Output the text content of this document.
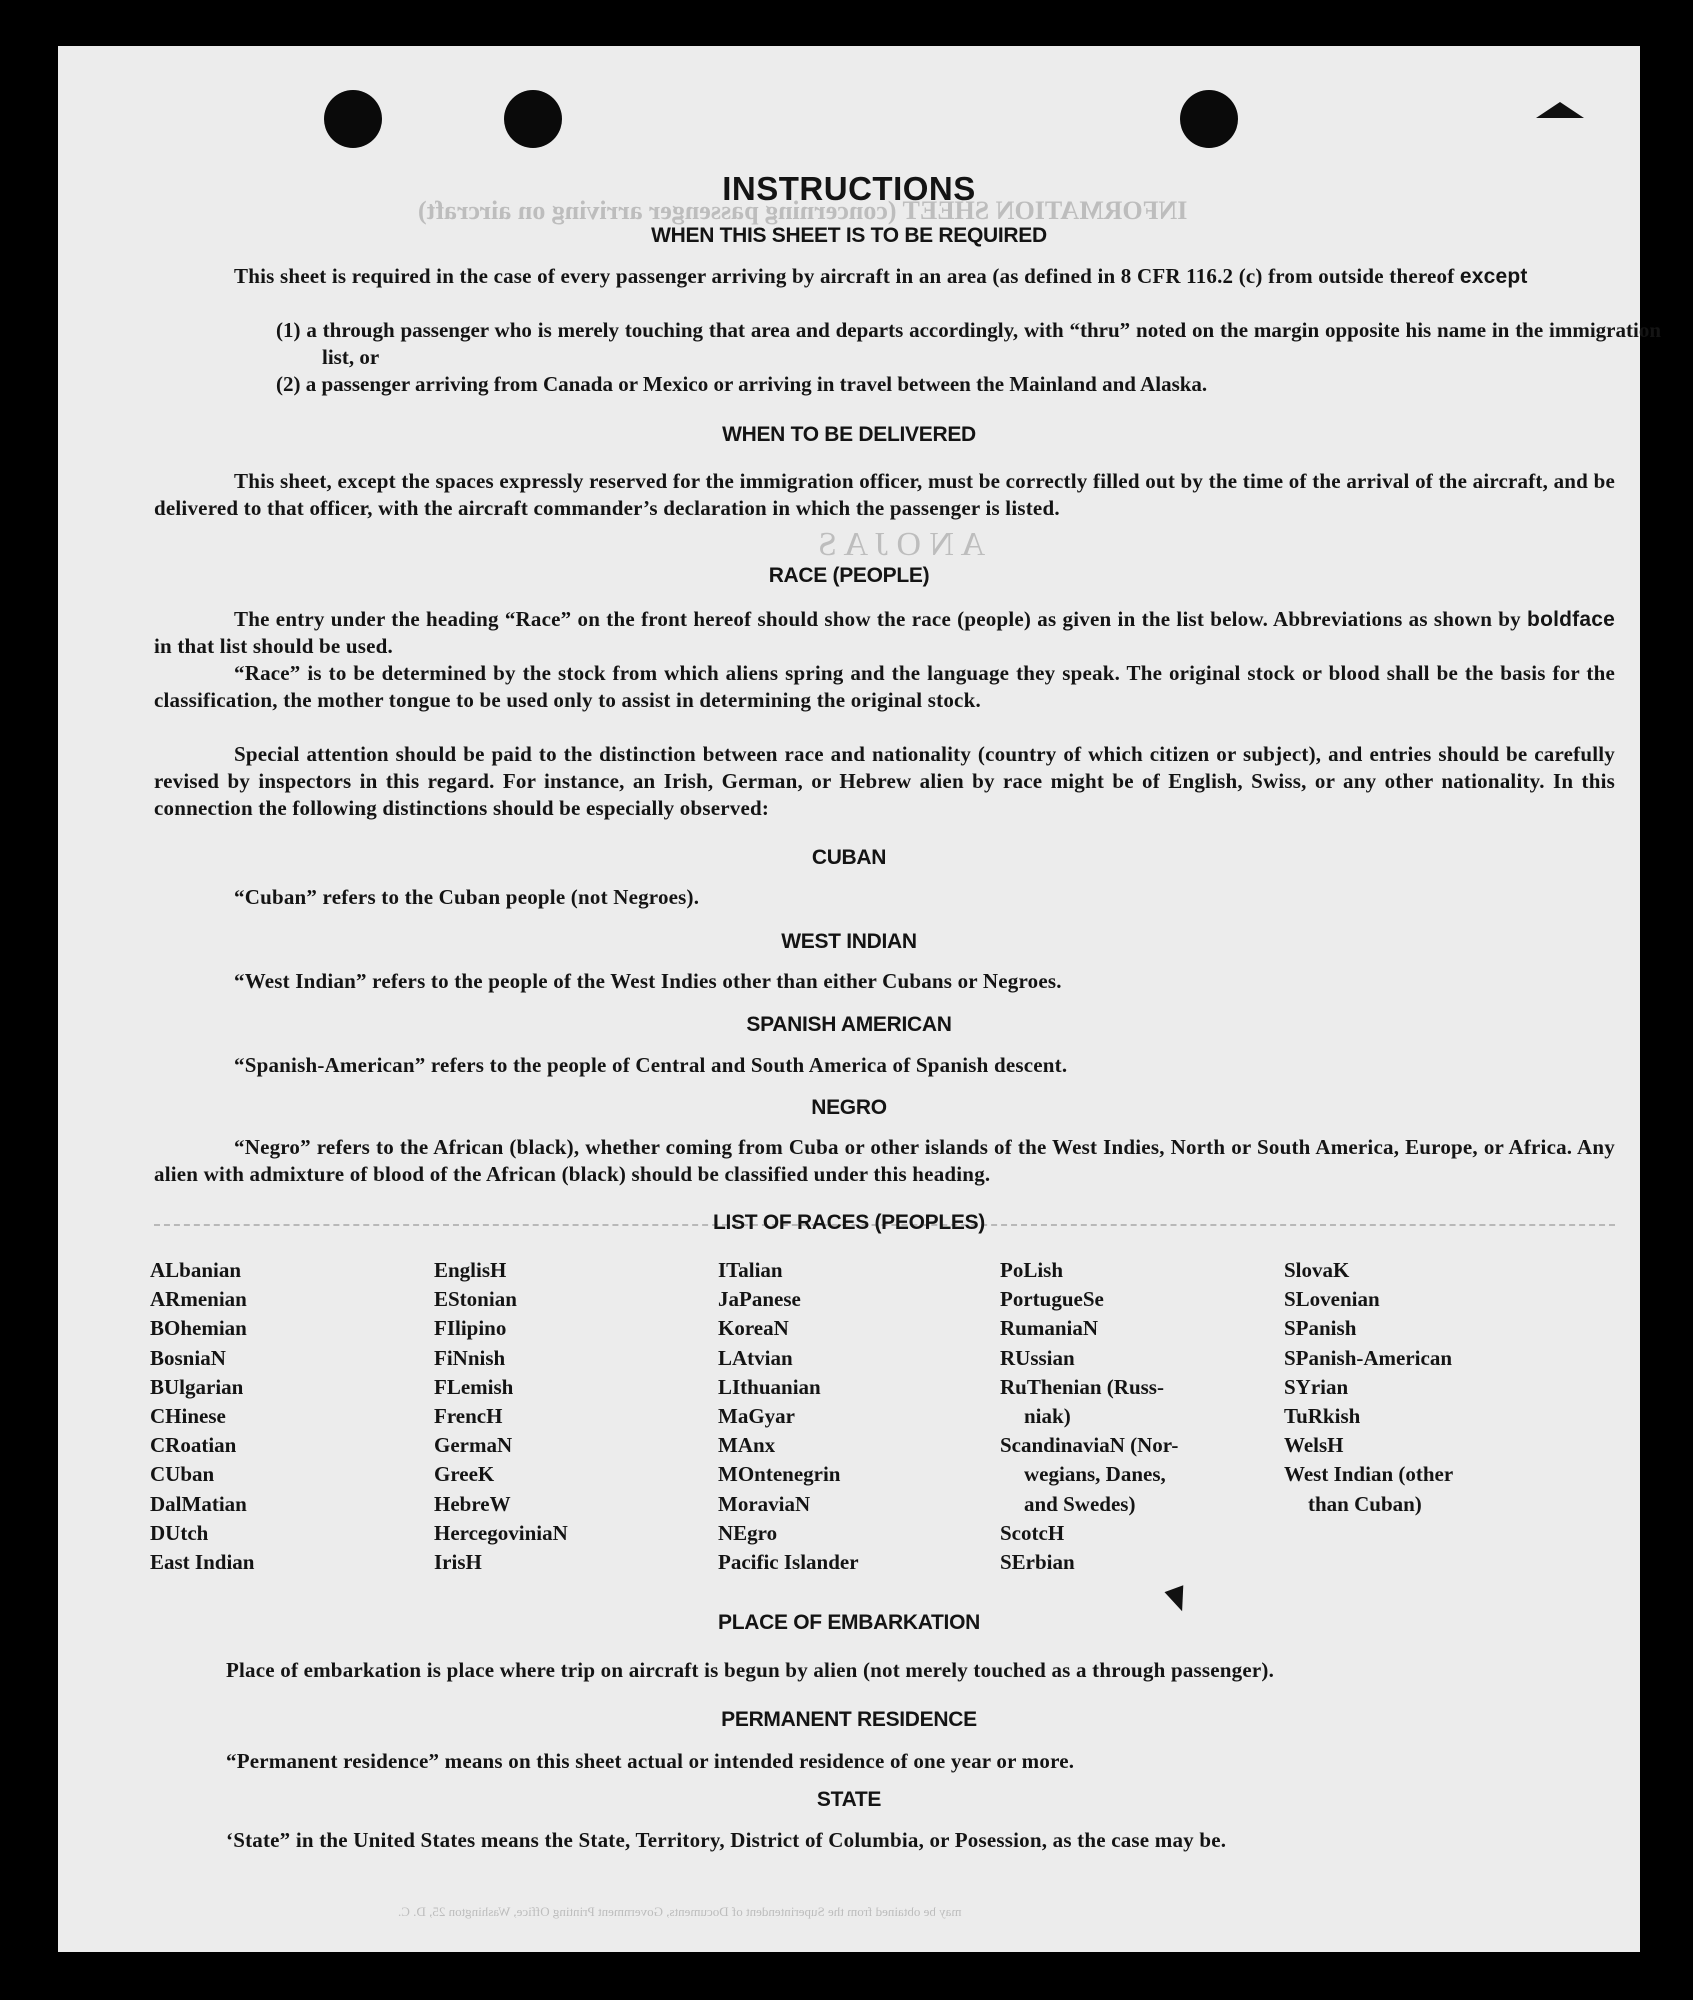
INFORMATION SHEET (concerning passenger arriving on aircraft)
A N O J A S
INSTRUCTIONS
WHEN THIS SHEET IS TO BE REQUIRED
This sheet is required in the case of every passenger arriving by aircraft in an area (as defined in 8 CFR 116.2 (c) from outside thereof except
(1) a through passenger who is merely touching that area and departs accordingly, with “thru” noted on the margin opposite his name in the immigration list, or
(2) a passenger arriving from Canada or Mexico or arriving in travel between the Mainland and Alaska.
WHEN TO BE DELIVERED
This sheet, except the spaces expressly reserved for the immigration officer, must be correctly filled out by the time of the arrival of the aircraft, and be delivered to that officer, with the aircraft commander’s declaration in which the passenger is listed.
RACE (PEOPLE)
The entry under the heading “Race” on the front hereof should show the race (people) as given in the list below. Abbreviations as shown by boldface in that list should be used.
“Race” is to be determined by the stock from which aliens spring and the language they speak. The original stock or blood shall be the basis for the classification, the mother tongue to be used only to assist in determining the original stock.
Special attention should be paid to the distinction between race and nationality (country of which citizen or subject), and entries should be carefully revised by inspectors in this regard. For instance, an Irish, German, or Hebrew alien by race might be of English, Swiss, or any other nationality. In this connection the following distinctions should be especially observed:
CUBAN
“Cuban” refers to the Cuban people (not Negroes).
WEST INDIAN
“West Indian” refers to the people of the West Indies other than either Cubans or Negroes.
SPANISH AMERICAN
“Spanish-American” refers to the people of Central and South America of Spanish descent.
NEGRO
“Negro” refers to the African (black), whether coming from Cuba or other islands of the West Indies, North or South America, Europe, or Africa. Any alien with admixture of blood of the African (black) should be classified under this heading.
LIST OF RACES (PEOPLES)
ALbanian
ARmenian
BOhemian
BosniaN
BUlgarian
CHinese
CRoatian
CUban
DalMatian
DUtch
East Indian
EnglisH
EStonian
FIlipino
FiNnish
FLemish
FrencH
GermaN
GreeK
HebreW
HercegoviniaN
IrisH
ITalian
JaPanese
KoreaN
LAtvian
LIthuanian
MaGyar
MAnx
MOntenegrin
MoraviaN
NEgro
Pacific Islander
PoLish
PortugueSe
RumaniaN
RUssian
RuThenian (Russ-
niak)
ScandinaviaN (Nor-
wegians, Danes,
and Swedes)
ScotcH
SErbian
SlovaK
SLovenian
SPanish
SPanish-American
SYrian
TuRkish
WelsH
West Indian (other
than Cuban)
PLACE OF EMBARKATION
Place of embarkation is place where trip on aircraft is begun by alien (not merely touched as a through passenger).
PERMANENT RESIDENCE
“Permanent residence” means on this sheet actual or intended residence of one year or more.
STATE
‘State” in the United States means the State, Territory, District of Columbia, or Posession, as the case may be.
may be obtained from the Superintendent of Documents, Government Printing Office, Washington 25, D. C.
